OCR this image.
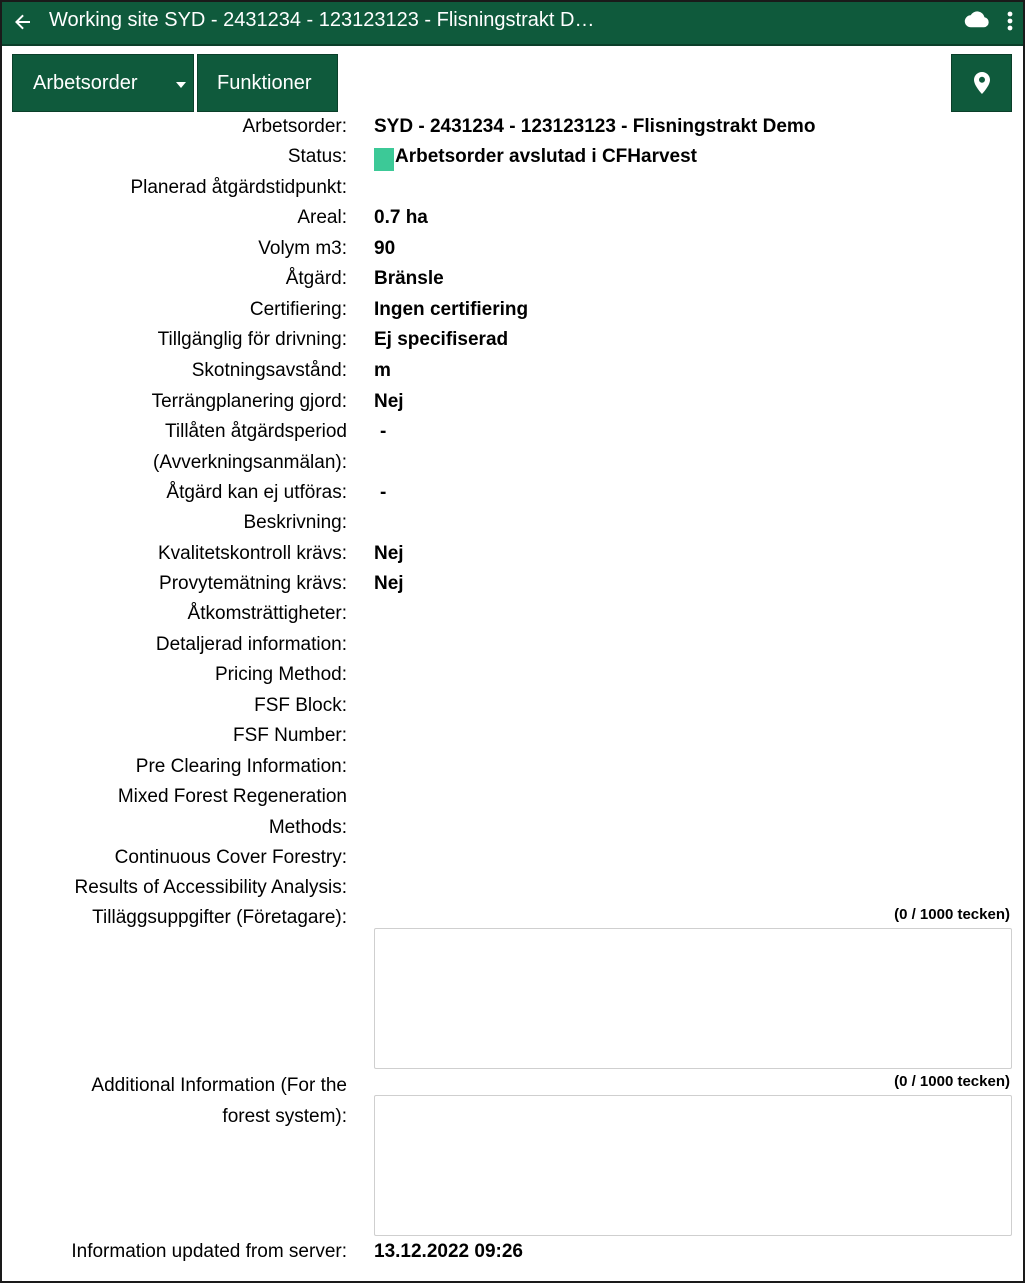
Working site SYD - 2431234 - 123123123 - Flisningstrakt D…
Arbetsorder	Funktioner
Arbetsorder: SYD - 2431234 - 123123123 - Flisningstrakt Demo
Status:	Arbetsorder avslutad i CFHarvest
Planerad åtgärdstidpunkt:
Areal: 0.7 ha
Volym m3: 90
Åtgärd: Bränsle
Certifiering: Ingen certifiering
Tillgänglig för drivning: Ej specifiserad
Skotningsavstånd: m
Terrängplanering gjord: Nej
Tillåten åtgärdsperiod -
(Avverkningsanmälan):
Åtgärd kan ej utföras: -
Beskrivning:
Kvalitetskontroll krävs: Nej
Provytemätning krävs: Nej
Åtkomsträttigheter:
Detaljerad information:
Pricing Method:
FSF Block:
FSF Number:
Pre Clearing Information:
Mixed Forest Regeneration
Methods:
Continuous Cover Forestry:
Results of Accessibility Analysis:
Tilläggsuppgifter (Företagare):	(0 / 1000 tecken)
Additional Information (For the
forest system):
(0 / 1000 tecken)
Information updated from server: 13.12.2022 09:26
